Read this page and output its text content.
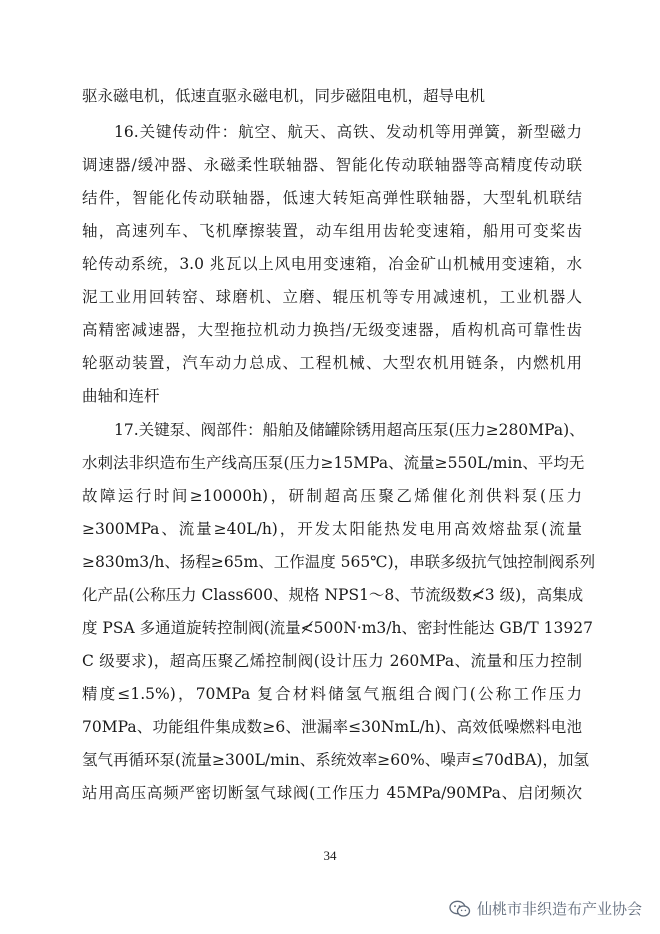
驱永磁电机，低速直驱永磁电机，同步磁阻电机，超导电机
16.关键传动件：航空、航天、高铁、发动机等用弹簧，新型磁力
调速器/缓冲器、永磁柔性联轴器、智能化传动联轴器等高精度传动联
结件，智能化传动联轴器，低速大转矩高弹性联轴器，大型轧机联结
轴，高速列车、飞机摩擦装置，动车组用齿轮变速箱，船用可变桨齿
轮传动系统，3.0 兆瓦以上风电用变速箱，冶金矿山机械用变速箱，水
泥工业用回转窑、球磨机、立磨、辊压机等专用减速机，工业机器人
高精密减速器，大型拖拉机动力换挡/无级变速器，盾构机高可靠性齿
轮驱动装置，汽车动力总成、工程机械、大型农机用链条，内燃机用
曲轴和连杆
17.关键泵、阀部件：船舶及储罐除锈用超高压泵(压力≥280MPa)、
水刺法非织造布生产线高压泵(压力≥15MPa、流量≥550L/min、平均无
故障运行时间≥10000h)，研制超高压聚乙烯催化剂供料泵(压力
≥300MPa、流量≥40L/h)，开发太阳能热发电用高效熔盐泵(流量
≥830m3/h、扬程≥65m、工作温度 565℃)，串联多级抗气蚀控制阀系列
化产品(公称压力 Class600、规格 NPS1～8、节流级数≮3 级)，高集成
度 PSA 多通道旋转控制阀(流量≮500N·m3/h、密封性能达 GB/T 13927
C 级要求)，超高压聚乙烯控制阀(设计压力 260MPa、流量和压力控制
精度≤1.5%)，70MPa 复合材料储氢气瓶组合阀门(公称工作压力
70MPa、功能组件集成数≥6、泄漏率≤30NmL/h)、高效低噪燃料电池
氢气再循环泵(流量≥300L/min、系统效率≥60%、噪声≤70dBA)，加氢
站用高压高频严密切断氢气球阀(工作压力 45MPa/90MPa、启闭频次
34
仙桃市非织造布产业协会
